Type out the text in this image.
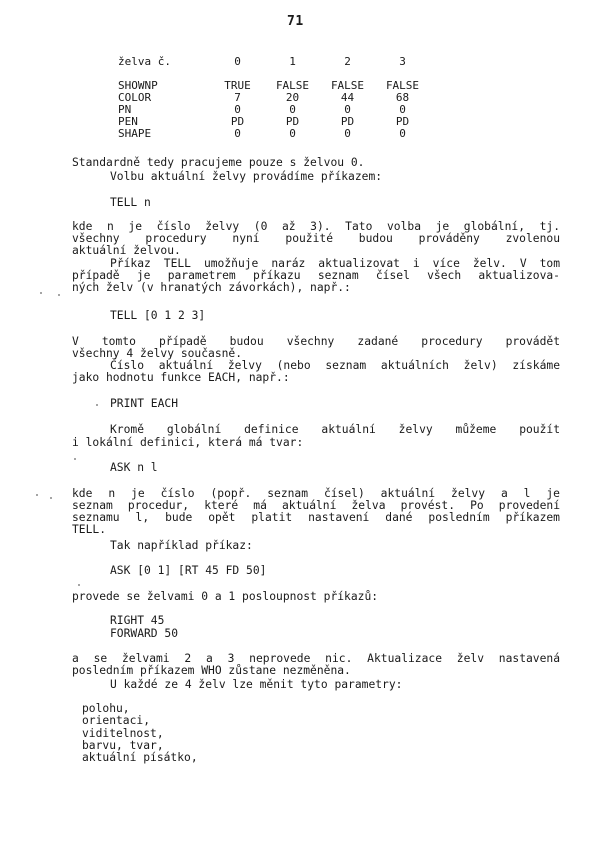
71
želva č.	0	1	2	3

SHOWNP	TRUE	FALSE	FALSE	FALSE
COLOR	7	20	44	68
PN	0	0	0	0
PEN	PD	PD	PD	PD
SHAPE	0	0	0	0
Standardně tedy pracujeme pouze s želvou 0.
Volbu aktuální želvy provádíme příkazem:
TELL n
kde n je číslo želvy (0 až 3). Tato volba je globální, tj.
všechny procedury nyní použité budou prováděny zvolenou
aktuální želvou.
Příkaz TELL umožňuje naráz aktualizovat i více želv. V tom
případě je parametrem příkazu seznam čísel všech aktualizova-
ných želv (v hranatých závorkách), např.:
TELL [0 1 2 3]
V tomto případě budou všechny zadané procedury provádět
všechny 4 želvy současně.
Číslo aktuální želvy (nebo seznam aktuálních želv) získáme
jako hodnotu funkce EACH, např.:
PRINT EACH
Kromě globální definice aktuální želvy můžeme použít
i lokální definici, která má tvar:
ASK n l
kde n je číslo (popř. seznam čísel) aktuální želvy a l je
seznam procedur, které má aktuální želva provést. Po provedení
seznamu l, bude opět platit nastavení dané posledním příkazem
TELL.
Tak například příkaz:
ASK [0 1] [RT 45 FD 50]
provede se želvami 0 a 1 posloupnost příkazů:
RIGHT 45
FORWARD 50
a se želvami 2 a 3 neprovede nic. Aktualizace želv nastavená
posledním příkazem WHO zůstane nezměněna.
U každé ze 4 želv lze měnit tyto parametry:
polohu,
orientaci,
viditelnost,
barvu, tvar,
aktuální písátko,
